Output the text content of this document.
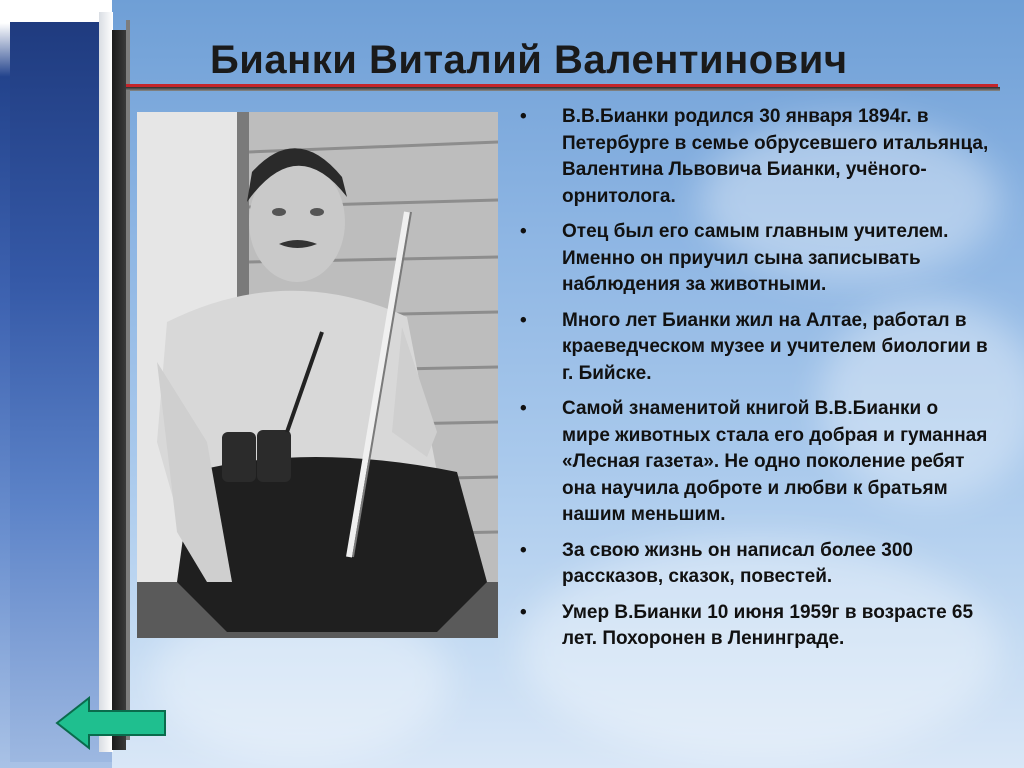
Бианки Виталий Валентинович
•	В.В.Бианки родился 30 января 1894г. в Петербурге в семье обрусевшего итальянца, Валентина Львовича Бианки, учёного-орнитолога.
•	Отец был его самым главным учителем. Именно он приучил сына записывать наблюдения за животными.
•	Много лет Бианки жил на Алтае, работал в краеведческом музее и учителем биологии в г. Бийске.
•	Самой знаменитой книгой В.В.Бианки о мире животных стала его добрая и гуманная «Лесная газета». Не одно поколение ребят она научила доброте и любви к братьям нашим меньшим.
•	За свою жизнь он написал более 300 рассказов, сказок, повестей.
•	Умер В.Бианки 10 июня 1959г в возрасте 65 лет. Похоронен в Ленинграде.
